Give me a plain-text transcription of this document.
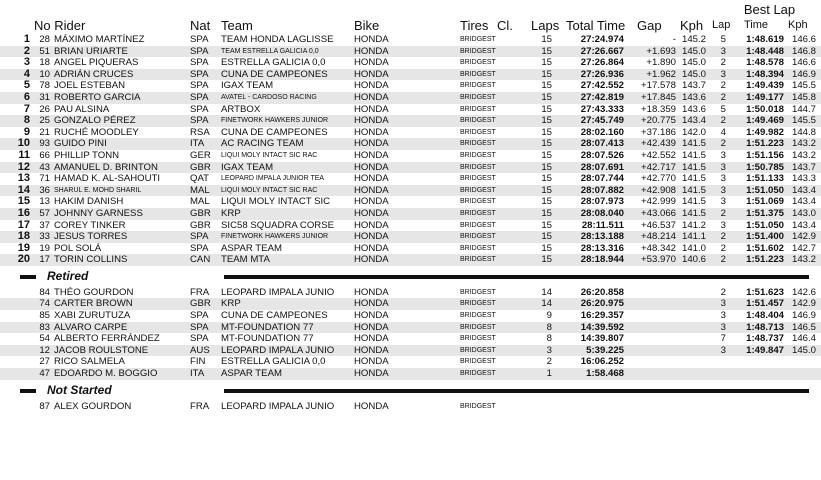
Best Lap
No Rider	Nat Team	Bike	Tires Cl. Laps Total Time Gap Kph Lap Time Kph
1 28 MÁXIMO MARTÍNEZ	SPA	TEAM HONDA LAGLISSE	HONDA	BRIDGEST	15	27:24.974	- 145.2	5	1:48.619 146.6
2 51 BRIAN URIARTE	SPA	TEAM ESTRELLA GALICIA 0,0	HONDA	BRIDGEST	15	27:26.667	+1.693 145.0	3	1:48.448 146.8
3 18 ANGEL PIQUERAS	SPA	ESTRELLA GALICIA 0,0	HONDA	BRIDGEST	15	27:26.864	+1.890 145.0	2	1:48.578 146.6
4 10 ADRIÁN CRUCES	SPA	CUNA DE CAMPEONES	HONDA	BRIDGEST	15	27:26.936	+1.962 145.0	3	1:48.394 146.9
5 78 JOEL ESTEBAN	SPA	IGAX TEAM	HONDA	BRIDGEST	15	27:42.552	+17.578 143.7	2	1:49.439 145.5
6 31 ROBERTO GARCIA	SPA	AVATEL - CARDOSO RACING	HONDA	BRIDGEST	15	27:42.819	+17.845 143.6	2	1:49.177 145.8
7 26 PAU ALSINA	SPA	ARTBOX	HONDA	BRIDGEST	15	27:43.333	+18.359 143.6	5	1:50.018 144.7
8 25 GONZALO PÉREZ	SPA	FINETWORK HAWKERS JUNIOR	HONDA	BRIDGEST	15	27:45.749	+20.775 143.4	2	1:49.469 145.5
9 21 RUCHÉ MOODLEY	RSA	CUNA DE CAMPEONES	HONDA	BRIDGEST	15	28:02.160	+37.186 142.0	4	1:49.982 144.8
10 93 GUIDO PINI	ITA	AC RACING TEAM	HONDA	BRIDGEST	15	28:07.413	+42.439 141.5	2	1:51.223 143.2
11 66 PHILLIP TONN	GER	LIQUI MOLY INTACT SIC RAC	HONDA	BRIDGEST	15	28:07.526	+42.552 141.5	3	1:51.156 143.2
12 43 AMANUEL D. BRINTON	GBR	IGAX TEAM	HONDA	BRIDGEST	15	28:07.691	+42.717 141.5	3	1:50.785 143.7
13 71 HAMAD K. AL-SAHOUTI	QAT	LEOPARD IMPALA JUNIOR TEA	HONDA	BRIDGEST	15	28:07.744	+42.770 141.5	3	1:51.133 143.3
14 36 SHARUL E. MOHD SHARIL	MAL	LIQUI MOLY INTACT SIC RAC	HONDA	BRIDGEST	15	28:07.882	+42.908 141.5	3	1:51.050 143.4
15 13 HAKIM DANISH	MAL	LIQUI MOLY INTACT SIC	HONDA	BRIDGEST	15	28:07.973	+42.999 141.5	3	1:51.069 143.4
16 57 JOHNNY GARNESS	GBR	KRP	HONDA	BRIDGEST	15	28:08.040	+43.066 141.5	2	1:51.375 143.0
17 37 COREY TINKER	GBR	SIC58 SQUADRA CORSE	HONDA	BRIDGEST	15	28:11.511	+46.537 141.2	3	1:51.050 143.4
18 33 JESUS TORRES	SPA	FINETWORK HAWKERS JUNIOR	HONDA	BRIDGEST	15	28:13.188	+48.214 141.1	2	1:51.400 142.9
19 19 POL SOLÁ	SPA	ASPAR TEAM	HONDA	BRIDGEST	15	28:13.316	+48.342 141.0	2	1:51.602 142.7
20 17 TORIN COLLINS	CAN	TEAM MTA	HONDA	BRIDGEST	15	28:18.944	+53.970 140.6	2	1:51.223 143.2
Retired
84 THÉO GOURDON	FRA	LEOPARD IMPALA JUNIO	HONDA	BRIDGEST	14	26:20.858	2	1:51.623 142.6
74 CARTER BROWN	GBR	KRP	HONDA	BRIDGEST	14	26:20.975	3	1:51.457 142.9
85 XABI ZURUTUZA	SPA	CUNA DE CAMPEONES	HONDA	BRIDGEST	9	16:29.357	3	1:48.404 146.9
83 ALVARO CARPE	SPA	MT-FOUNDATION 77	HONDA	BRIDGEST	8	14:39.592	3	1:48.713 146.5
54 ALBERTO FERRÁNDEZ	SPA	MT-FOUNDATION 77	HONDA	BRIDGEST	8	14:39.807	7	1:48.737 146.4
12 JACOB ROULSTONE	AUS	LEOPARD IMPALA JUNIO	HONDA	BRIDGEST	3	5:39.225	3	1:49.847 145.0
27 RICO SALMELA	FIN	ESTRELLA GALICIA 0,0	HONDA	BRIDGEST	2	16:06.252
47 EDOARDO M. BOGGIO	ITA	ASPAR TEAM	HONDA	BRIDGEST	1	1:58.468
Not Started
87 ALEX GOURDON	FRA	LEOPARD IMPALA JUNIO	HONDA	BRIDGEST
